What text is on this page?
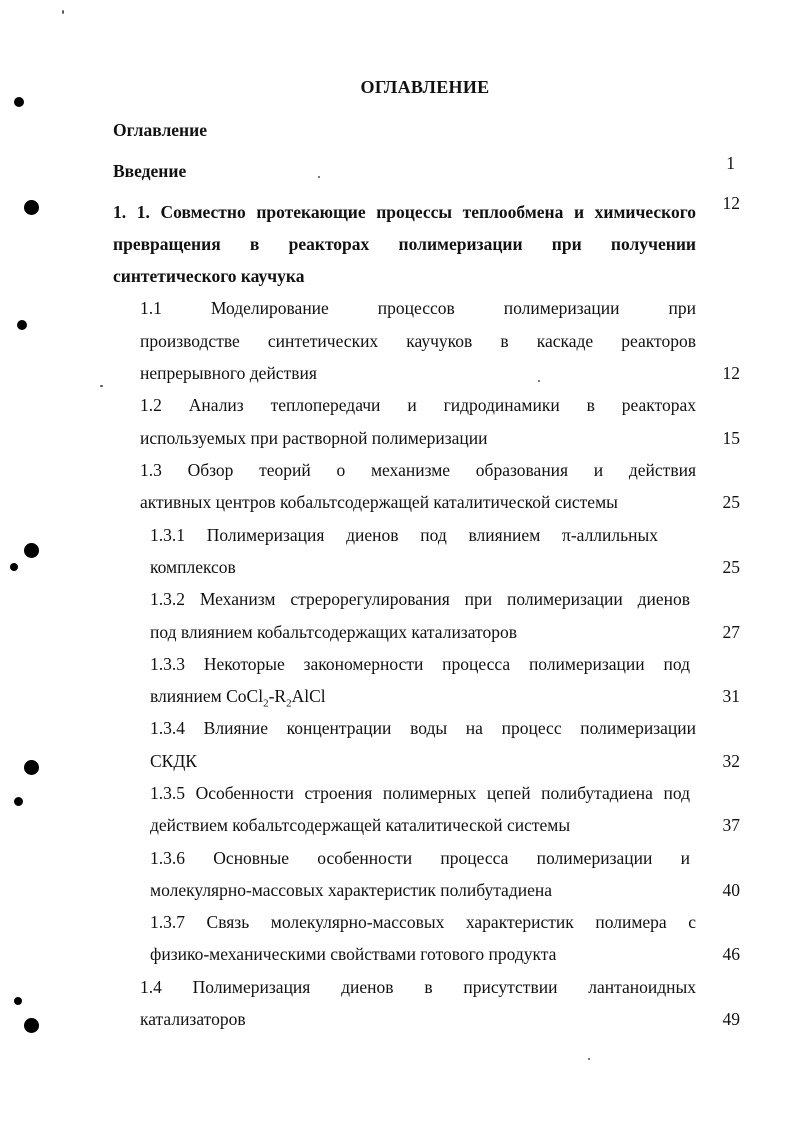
ОГЛАВЛЕНИЕ
Оглавление
Введение	1
1. 1. Совместно протекающие процессы теплообмена и химического	12
превращения в реакторах полимеризации при получении
синтетического каучука
1.1 Моделирование процессов полимеризации при
производстве синтетических каучуков в каскаде реакторов
непрерывного действия	12
1.2 Анализ теплопередачи и гидродинамики в реакторах
используемых при растворной полимеризации	15
1.3 Обзор теорий о механизме образования и действия
активных центров кобальтсодержащей каталитической системы	25
1.3.1 Полимеризация диенов под влиянием π-аллильных
комплексов	25
1.3.2 Механизм стрерорегулирования при полимеризации диенов
под влиянием кобальтсодержащих катализаторов	27
1.3.3 Некоторые закономерности процесса полимеризации под
влиянием $CoCl_2-R_2AlCl$	31
1.3.4 Влияние концентрации воды на процесс полимеризации
СКДК	32
1.3.5 Особенности строения полимерных цепей полибутадиена под
действием кобальтсодержащей каталитической системы	37
1.3.6 Основные особенности процесса полимеризации и
молекулярно-массовых характеристик полибутадиена	40
1.3.7 Связь молекулярно-массовых характеристик полимера с
физико-механическими свойствами готового продукта	46
1.4 Полимеризация диенов в присутствии лантаноидных
катализаторов	49
